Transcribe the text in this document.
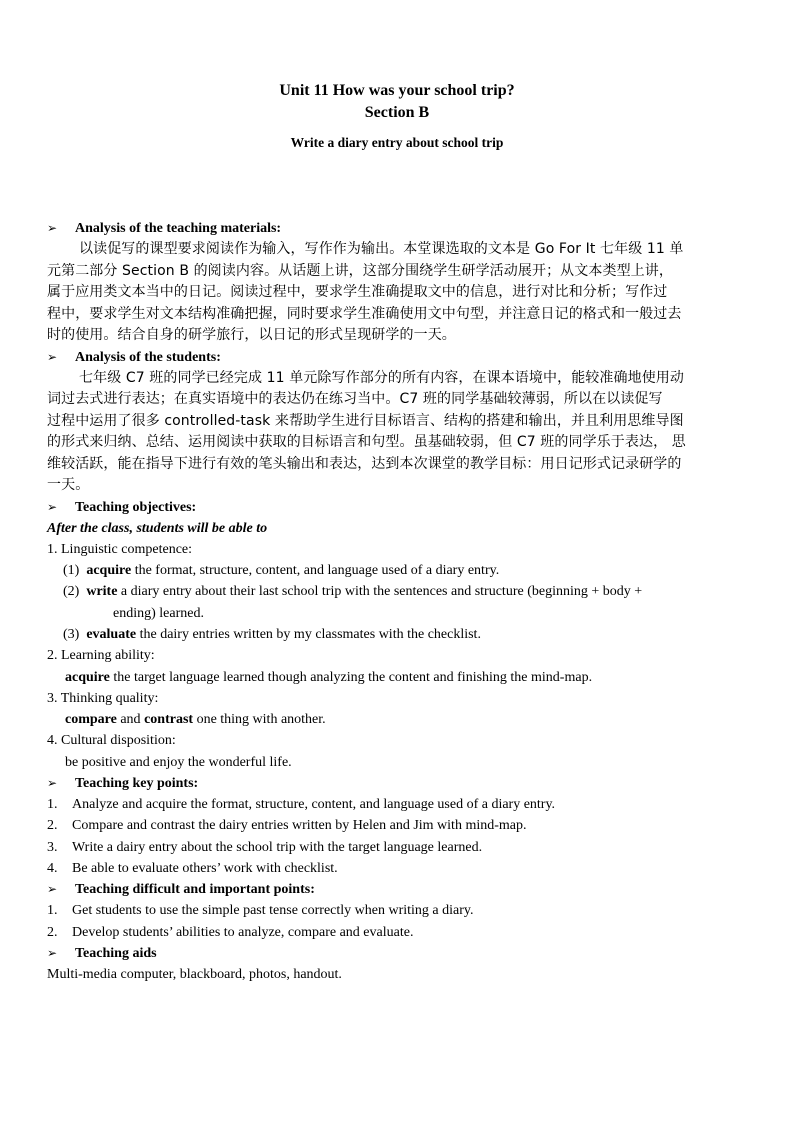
Unit 11 How was your school trip?
Section B
Write a diary entry about school trip
➢ Analysis of the teaching materials:

以读促写的课型要求阅读作为输入，写作作为输出。本堂课选取的文本是 Go For It 七年级 11 单

元第二部分 Section B 的阅读内容。从话题上讲，这部分围绕学生研学活动展开；从文本类型上讲，

属于应用类文本当中的日记。阅读过程中，要求学生准确提取文中的信息，进行对比和分析；写作过

程中，要求学生对文本结构准确把握，同时要求学生准确使用文中句型，并注意日记的格式和一般过去

时的使用。结合自身的研学旅行，以日记的形式呈现研学的一天。

➢ Analysis of the students:

七年级 C7 班的同学已经完成 11 单元除写作部分的所有内容，在课本语境中，能较准确地使用动

词过去式进行表达；在真实语境中的表达仍在练习当中。C7 班的同学基础较薄弱，所以在以读促写

过程中运用了很多 controlled-task 来帮助学生进行目标语言、结构的搭建和输出，并且利用思维导图

的形式来归纳、总结、运用阅读中获取的目标语言和句型。虽基础较弱，但 C7 班的同学乐于表达， 思

维较活跃，能在指导下进行有效的笔头输出和表达，达到本次课堂的教学目标：用日记形式记录研学的

一天。

➢ Teaching objectives:
After the class, students will be able to
1. Linguistic competence:
(1) acquire the format, structure, content, and language used of a diary entry.
(2) write a diary entry about their last school trip with the sentences and structure (beginning + body +
ending) learned.
(3) evaluate the dairy entries written by my classmates with the checklist.
2. Learning ability:
acquire the target language learned though analyzing the content and finishing the mind-map.
3. Thinking quality:
compare and contrast one thing with another.
4. Cultural disposition:
be positive and enjoy the wonderful life.
➢ Teaching key points:
1. Analyze and acquire the format, structure, content, and language used of a diary entry.
2. Compare and contrast the dairy entries written by Helen and Jim with mind-map.
3. Write a dairy entry about the school trip with the target language learned.
4. Be able to evaluate others’ work with checklist.
➢ Teaching difficult and important points:
1. Get students to use the simple past tense correctly when writing a diary.
2. Develop students’ abilities to analyze, compare and evaluate.
➢ Teaching aids
Multi-media computer, blackboard, photos, handout.
